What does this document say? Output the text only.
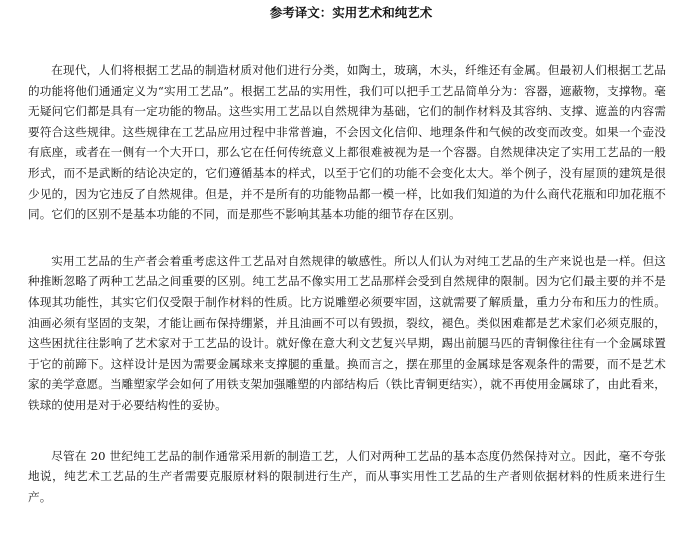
参考译文：实用艺术和纯艺术

在现代，人们将根据工艺品的制造材质对他们进行分类，如陶土，玻璃，木头，纤维还有金属。但最初人们根据工艺品的功能将他们通通定义为“实用工艺品”。根据工艺品的实用性，我们可以把手工艺品简单分为：容器，遮蔽物，支撑物。毫无疑问它们都是具有一定功能的物品。这些实用工艺品以自然规律为基础，它们的制作材料及其容纳、支撑、遮盖的内容需要符合这些规律。这些规律在工艺品应用过程中非常普遍，不会因文化信仰、地理条件和气候的改变而改变。如果一个壶没有底座，或者在一侧有一个大开口，那么它在任何传统意义上都很难被视为是一个容器。自然规律决定了实用工艺品的一般形式，而不是武断的结论决定的，它们遵循基本的样式，以至于它们的功能不会变化太大。举个例子，没有屋顶的建筑是很少见的，因为它违反了自然规律。但是，并不是所有的功能物品都一模一样，比如我们知道的为什么商代花瓶和印加花瓶不同。它们的区别不是基本功能的不同，而是那些不影响其基本功能的细节存在区别。

实用工艺品的生产者会着重考虑这件工艺品对自然规律的敏感性。所以人们认为对纯工艺品的生产来说也是一样。但这种推断忽略了两种工艺品之间重要的区别。纯工艺品不像实用工艺品那样会受到自然规律的限制。因为它们最主要的并不是体现其功能性，其实它们仅受限于制作材料的性质。比方说雕塑必须要牢固，这就需要了解质量，重力分布和压力的性质。油画必须有坚固的支架，才能让画布保持绷紧，并且油画不可以有毁损，裂纹，褪色。类似困难都是艺术家们必须克服的，这些困扰往往影响了艺术家对于工艺品的设计。就好像在意大利文艺复兴早期，踢出前腿马匹的青铜像往往有一个金属球置于它的前蹄下。这样设计是因为需要金属球来支撑腿的重量。换而言之，摆在那里的金属球是客观条件的需要，而不是艺术家的美学意愿。当雕塑家学会如何了用铁支架加强雕塑的内部结构后（铁比青铜更结实），就不再使用金属球了，由此看来，铁球的使用是对于必要结构性的妥协。

尽管在 20 世纪纯工艺品的制作通常采用新的制造工艺，人们对两种工艺品的基本态度仍然保持对立。因此，毫不夸张地说，纯艺术工艺品的生产者需要克服原材料的限制进行生产，而从事实用性工艺品的生产者则依据材料的性质来进行生产。
